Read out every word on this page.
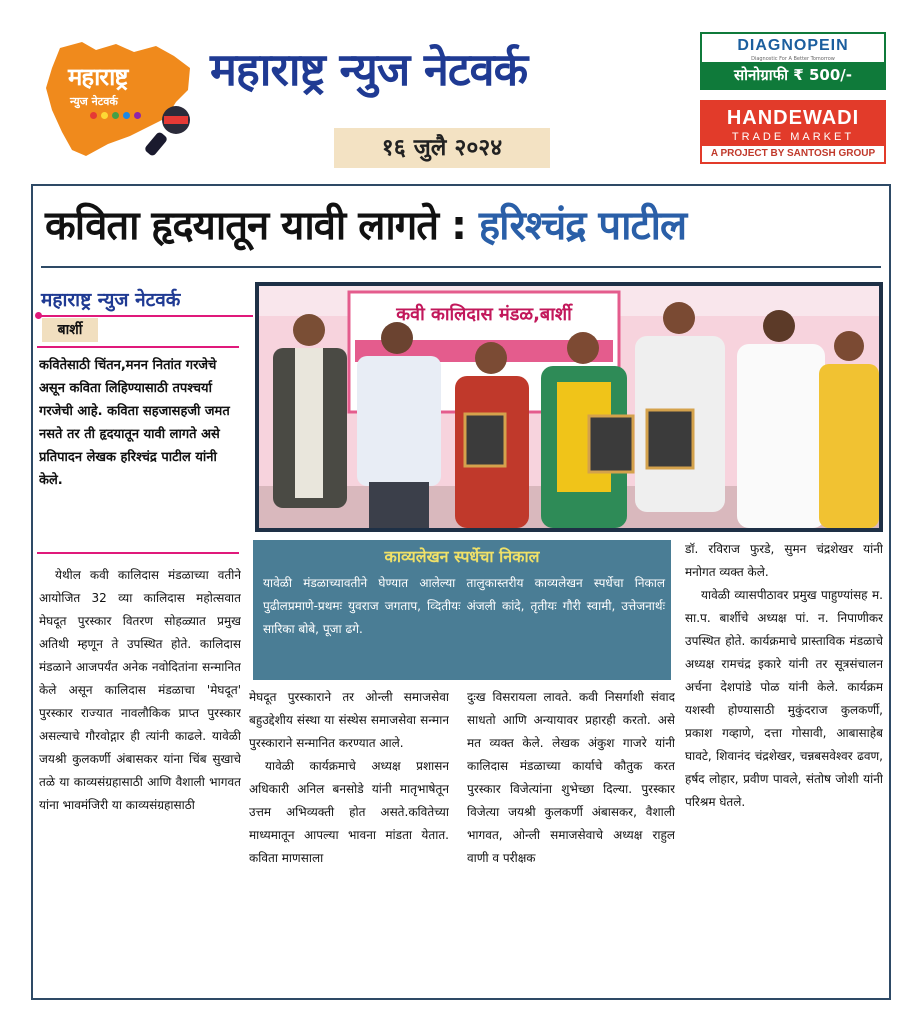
महाराष्ट्र
न्युज नेटवर्क
महाराष्ट्र न्युज नेटवर्क
१६ जुलै २०२४
DIAGNOPEIN
Diagnostic For A Better Tomorrow
सोनोग्राफी ₹ 500/-
HANDEWADI
TRADE MARKET
A PROJECT BY SANTOSH GROUP
कविता हृदयातून यावी लागते : हरिश्चंद्र पाटील
महाराष्ट्र न्युज नेटवर्क
बार्शी
कवितेसाठी चिंतन,मनन नितांत गरजेचे असून कविता लिहिण्यासाठी तपश्चर्या गरजेची आहे. कविता सहजासहजी जमत नसते तर ती हृदयातून यावी लागते असे प्रतिपादन लेखक हरिश्चंद्र पाटील यांनी केले.

येथील कवी कालिदास मंडळाच्या वतीने आयोजित 32 व्या कालिदास महोत्सवात मेघदूत पुरस्कार वितरण सोहळ्यात प्रमुख अतिथी म्हणून ते उपस्थित होते. कालिदास मंडळाने आजपर्यंत अनेक नवोदितांना सन्मानित केले असून कालिदास मंडळाचा 'मेघदूत' पुरस्कार राज्यात नावलौकिक प्राप्त पुरस्कार असल्याचे गौरवोद्गार ही त्यांनी काढले. यावेळी जयश्री कुलकर्णी अंबासकर यांना चिंब सुखाचे तळे या काव्यसंग्रहासाठी आणि वैशाली भागवत यांना भावमंजिरी या काव्यसंग्रहासाठी

कवी कालिदास मंडळ,बार्शी
काव्यलेखन स्पर्धेचा निकाल
यावेळी मंडळाच्यावतीने घेण्यात आलेल्या तालुकास्तरीय काव्यलेखन स्पर्धेचा निकाल पुढीलप्रमाणे-प्रथमः युवराज जगताप, व्दितीयः अंजली कांदे, तृतीयः गौरी स्वामी, उत्तेजनार्थः सारिका बोबे, पूजा ढगे.

मेघदूत पुरस्काराने तर ओन्ली समाजसेवा बहुउद्देशीय संस्था या संस्थेस समाजसेवा सन्मान पुरस्काराने सन्मानित करण्यात आले.

यावेळी कार्यक्रमाचे अध्यक्ष प्रशासन अधिकारी अनिल बनसोडे यांनी मातृभाषेतून उत्तम अभिव्यक्ती होत असते.कवितेच्या माध्यमातून आपल्या भावना मांडता येतात. कविता माणसाला

दुःख विसरायला लावते. कवी निसर्गाशी संवाद साधतो आणि अन्यायावर प्रहारही करतो. असे मत व्यक्त केले. लेखक अंकुश गाजरे यांनी कालिदास मंडळाच्या कार्याचे कौतुक करत पुरस्कार विजेत्यांना शुभेच्छा दिल्या. पुरस्कार विजेत्या जयश्री कुलकर्णी अंबासकर, वैशाली भागवत, ओन्ली समाजसेवाचे अध्यक्ष राहुल वाणी व परीक्षक

डॉ. रविराज फुरडे, सुमन चंद्रशेखर यांनी मनोगत व्यक्त केले.

यावेळी व्यासपीठावर प्रमुख पाहुण्यांसह म. सा.प. बार्शीचे अध्यक्ष पां. न. निपाणीकर उपस्थित होते. कार्यक्रमाचे प्रास्ताविक मंडळाचे अध्यक्ष रामचंद्र इकारे यांनी तर सूत्रसंचालन अर्चना देशपांडे पोळ यांनी केले. कार्यक्रम यशस्वी होण्यासाठी मुकुंदराज कुलकर्णी, प्रकाश गव्हाणे, दत्ता गोसावी, आबासाहेब घावटे, शिवानंद चंद्रशेखर, चन्नबसवेश्वर ढवण, हर्षद लोहार, प्रवीण पावले, संतोष जोशी यांनी परिश्रम घेतले.
